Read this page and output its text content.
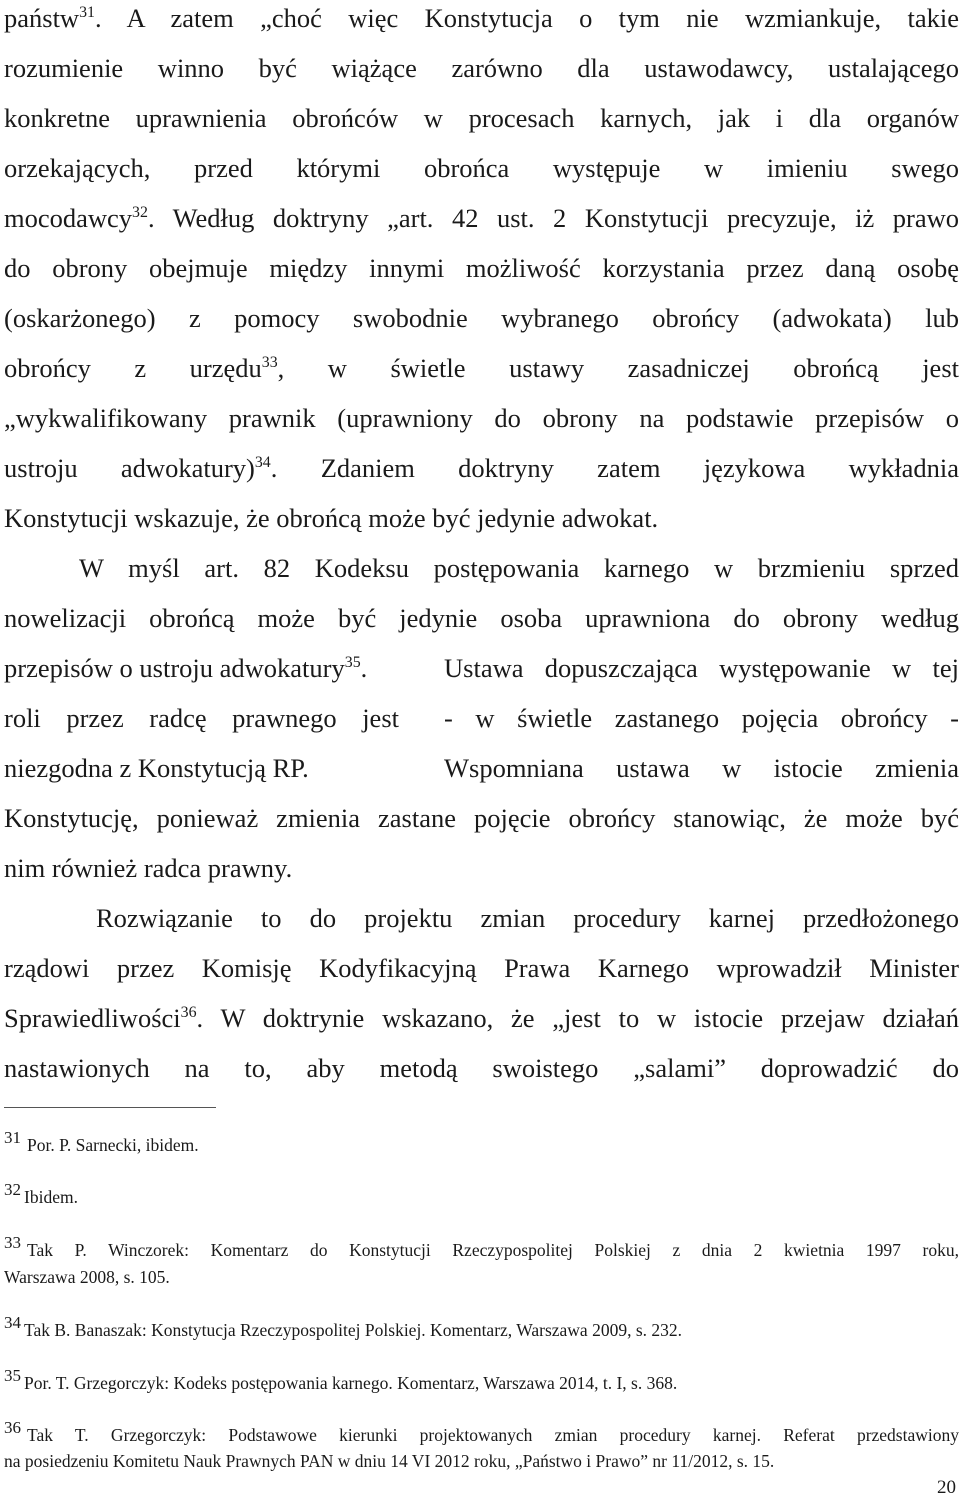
państw$^{31}$. A zatem „choć więc Konstytucja o tym nie wzmiankuje, takie
rozumienie winno być wiążące zarówno dla ustawodawcy, ustalającego
konkretne uprawnienia obrońców w procesach karnych, jak i dla organów
orzekających, przed którymi obrońca występuje w imieniu swego
mocodawcy$^{32}$. Według doktryny „art. 42 ust. 2 Konstytucji precyzuje, iż prawo
do obrony obejmuje między innymi możliwość korzystania przez daną osobę
(oskarżonego) z pomocy swobodnie wybranego obrońcy (adwokata) lub
obrońcy z urzędu$^{33}$, w świetle ustawy zasadniczej obrońcą jest
„wykwalifikowany prawnik (uprawniony do obrony na podstawie przepisów o
ustroju adwokatury)$^{34}$. Zdaniem doktryny zatem językowa wykładnia
Konstytucji wskazuje, że obrońcą może być jedynie adwokat.
W myśl art. 82 Kodeksu postępowania karnego w brzmieniu sprzed
nowelizacji obrońcą może być jedynie osoba uprawniona do obrony według
przepisów o ustroju adwokatury$^{35}$.	Ustawa dopuszczająca występowanie w tej
roli przez radcę prawnego jest - w świetle zastanego pojęcia obrońcy -
niezgodna z Konstytucją RP.	Wspomniana ustawa w istocie zmienia
Konstytucję, ponieważ zmienia zastane pojęcie obrońcy stanowiąc, że może być
nim również radca prawny.
Rozwiązanie to do projektu zmian procedury karnej przedłożonego
rządowi przez Komisję Kodyfikacyjną Prawa Karnego wprowadził Minister
Sprawiedliwości$^{36}$. W doktrynie wskazano, że „jest to w istocie przejaw działań
nastawionych na to, aby metodą swoistego „salami” doprowadzić do
31 Por. P. Sarnecki, ibidem.
32 Ibidem.
33 Tak P. Winczorek: Komentarz do Konstytucji Rzeczypospolitej Polskiej z dnia 2 kwietnia 1997 roku,
Warszawa 2008, s. 105.
34 Tak B. Banaszak: Konstytucja Rzeczypospolitej Polskiej. Komentarz, Warszawa 2009, s. 232.
35 Por. T. Grzegorczyk: Kodeks postępowania karnego. Komentarz, Warszawa 2014, t. I, s. 368.
36 Tak T. Grzegorczyk: Podstawowe kierunki projektowanych zmian procedury karnej. Referat przedstawiony
na posiedzeniu Komitetu Nauk Prawnych PAN w dniu 14 VI 2012 roku, „Państwo i Prawo” nr 11/2012, s. 15.
20
